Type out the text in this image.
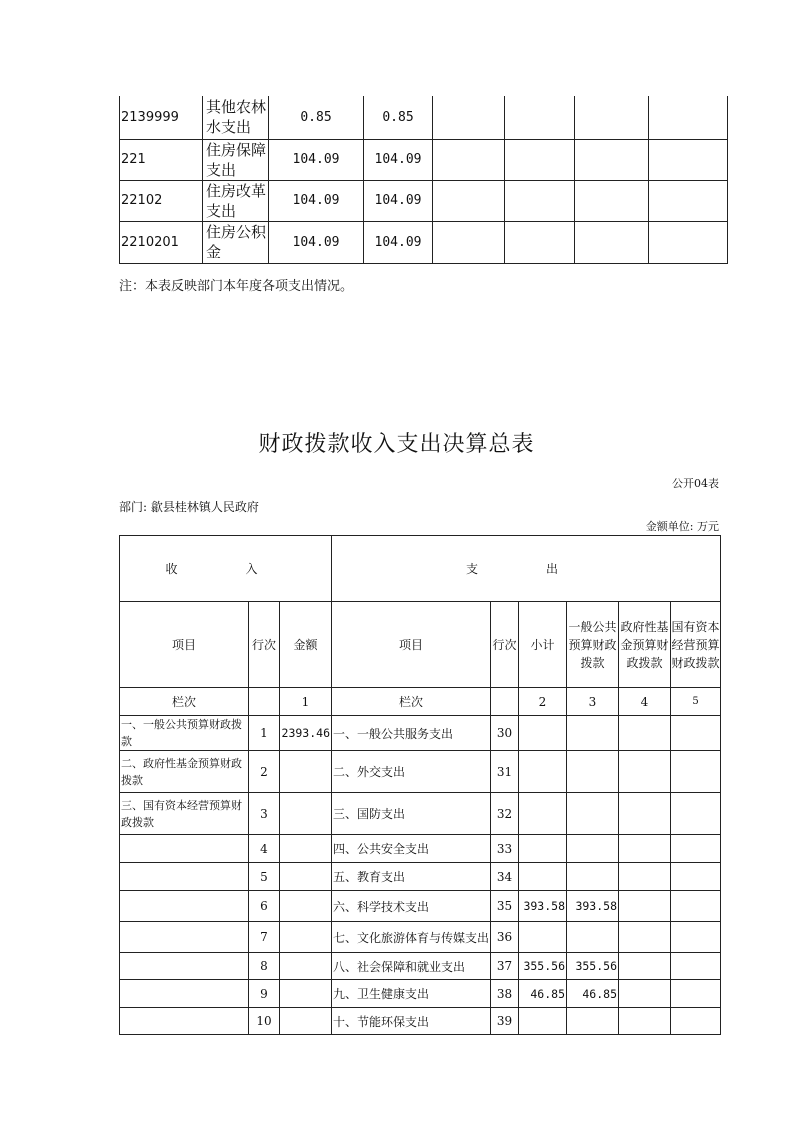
2139999	其他农林水支出	0.85	0.85				
221	住房保障支出	104.09	104.09				
22102	住房改革支出	104.09	104.09				
2210201	住房公积金	104.09	104.09				
注：本表反映部门本年度各项支出情况。
财政拨款收入支出决算总表
公开04表
部门: 歙县桂林镇人民政府
金额单位: 万元
收　入			支　出					
项目	行次	金额	项目	行次	小计	一般公共预算财政拨款	政府性基金预算财政拨款	国有资本经营预算财政拨款
栏次		1	栏次		2	3	4	5
一、一般公共预算财政拨款	1	2393.46	一、一般公共服务支出	30				
二、政府性基金预算财政拨款	2		二、外交支出	31				
三、国有资本经营预算财政拨款	3		三、国防支出	32				
	4		四、公共安全支出	33				
	5		五、教育支出	34				
	6		六、科学技术支出	35	393.58	393.58		
	7		七、文化旅游体育与传媒支出	36				
	8		八、社会保障和就业支出	37	355.56	355.56		
	9		九、卫生健康支出	38	46.85	46.85		
	10		十、节能环保支出	39				
